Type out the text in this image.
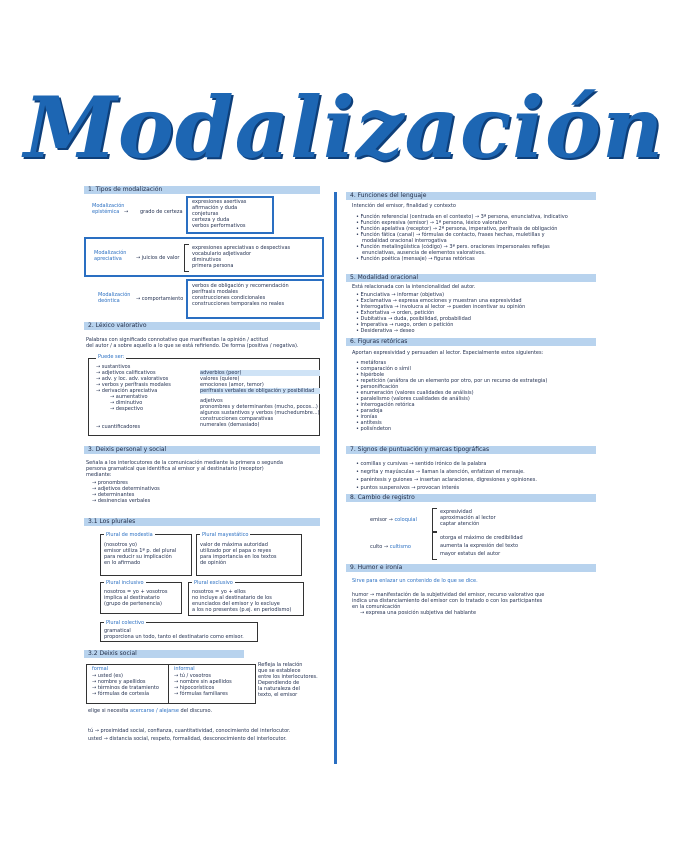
Modalización
1. Tipos de modalización
Modalización
epistémica → grado de certeza
expresiones asertivas
afirmación y duda
conjeturas
certeza y duda
verbos performativos
Modalización
apreciativa	→ juicios de valor
expresiones apreciativas o despectivas
vocabulario adjetivador
diminutivos
primera persona
Modalización
deóntica	→ comportamiento
verbos de obligación y recomendación
perífrasis modales
construcciones condicionales
construcciones temporales no reales
2. Léxico valorativo
Palabras con significado connotativo que manifiestan la opinión / actitud
del autor / a sobre aquello a lo que se está refiriendo. De forma (positiva / negativa).
Puede ser:
→ sustantivos
→ adjetivos calificativos
→ adv. y loc. adv. valorativos
→ verbos y perífrasis modales
→ derivación apreciativa
→ aumentativo
→ diminutivo
→ despectivo
→ cuantificadores
adverbios (peor)
valores (quiere)
emociones (amor, temor)
perífrasis verbales de obligación y posibilidad
adjetivos
pronombres y determinantes (mucho, pocos...)
algunos sustantivos y verbos (muchedumbre...)
construcciones comparativas
numerales (demasiado)
3. Deixis personal y social
Señala a los interlocutores de la comunicación mediante la primera o segunda
persona gramatical que identifica al emisor y al destinatario (receptor)
mediante:
→ pronombres
→ adjetivos determinativos
→ determinantes
→ desinencias verbales
3.1 Los plurales
Plural de modestia
(nosotros yo)
emisor utiliza 1ª p. del plural
para reducir su implicación
en lo afirmado
Plural mayestático
valor de máxima autoridad
utilizado por el papa o reyes
para importancia en los textos
de opinión
Plural inclusivo
nosotros = yo + vosotros
implica al destinatario
(grupo de pertenencia)
Plural exclusivo
nosotros = yo + ellos
no incluye al destinatario de los
enunciados del emisor y lo excluye
a los no presentes (p.ej. en periodismo)
Plural colectivo
gramatical
proporciona un todo, tanto el destinatario como emisor.
3.2 Deixis social
formal
→ usted (es)
→ nombre y apellidos
→ términos de tratamiento
→ fórmulas de cortesía
informal
→ tú / vosotros
→ nombre sin apellidos
→ hipocorísticos
→ fórmulas familiares
Refleja la relación
que se establece
entre los interlocutores.
Dependiendo de
la naturaleza del
texto, el emisor
elige si necesita acercarse / alejarse del discurso.
tú → proximidad social, confianza, cuantitatividad, conocimiento del interlocutor.
usted → distancia social, respeto, formalidad, desconocimiento del interlocutor.
4. Funciones del lenguaje
Intención del emisor, finalidad y contexto
• Función referencial (centrada en el contexto) → 3ª persona, enunciativa, indicativo
• Función expresiva (emisor) → 1ª persona, léxico valorativo
• Función apelativa (receptor) → 2ª persona, imperativo, perífrasis de obligación
• Función fática (canal) → fórmulas de contacto, frases hechas, muletillas y
modalidad oracional interrogativa
• Función metalingüística (código) → 3ª pers. oraciones impersonales reflejas
enunciativas, ausencia de elementos valorativos.
• Función poética (mensaje) → figuras retóricas
5. Modalidad oracional
Está relacionada con la intencionalidad del autor.
• Enunciativa → informar (objetiva)
• Exclamativa → expresa emociones y muestran una expresividad
• Interrogativa → involucra al lector → pueden incentivar su opinión
• Exhortativa → orden, petición
• Dubitativa → duda, posibilidad, probabilidad
• Imperativa → ruego, orden o petición
• Desiderativa → deseo
6. Figuras retóricas
Aportan expresividad y persuaden al lector. Especialmente estos siguientes:
• metáforas
• comparación o símil
• hipérbole
• repetición (anáfora de un elemento por otro, por un recurso de estrategia)
• personificación
• enumeración (valores cualidades de análisis)
• paralelismo (valores cualidades de análisis)
• interrogación retórica
• paradoja
• ironías
• antítesis
• polisíndeton
7. Signos de puntuación y marcas tipográficas
• comillas y cursivas → sentido irónico de la palabra
• negrita y mayúsculas → llaman la atención, enfatizan el mensaje.
• paréntesis y guiones → insertan aclaraciones, digresiones y opiniones.
• puntos suspensivos → provocan interés
8. Cambio de registro
emisor → coloquial
expresividad
aproximación al lector
captar atención
culto → cultismo
otorga el máximo de credibilidad
aumenta la expresión del texto
mayor estatus del autor
9. Humor e ironía
Sirve para enlazar un contenido de lo que se dice.
humor → manifestación de la subjetividad del emisor, recurso valorativo que
indica una distanciamiento del emisor con lo tratado o con los participantes
en la comunicación
→ expresa una posición subjetiva del hablante
